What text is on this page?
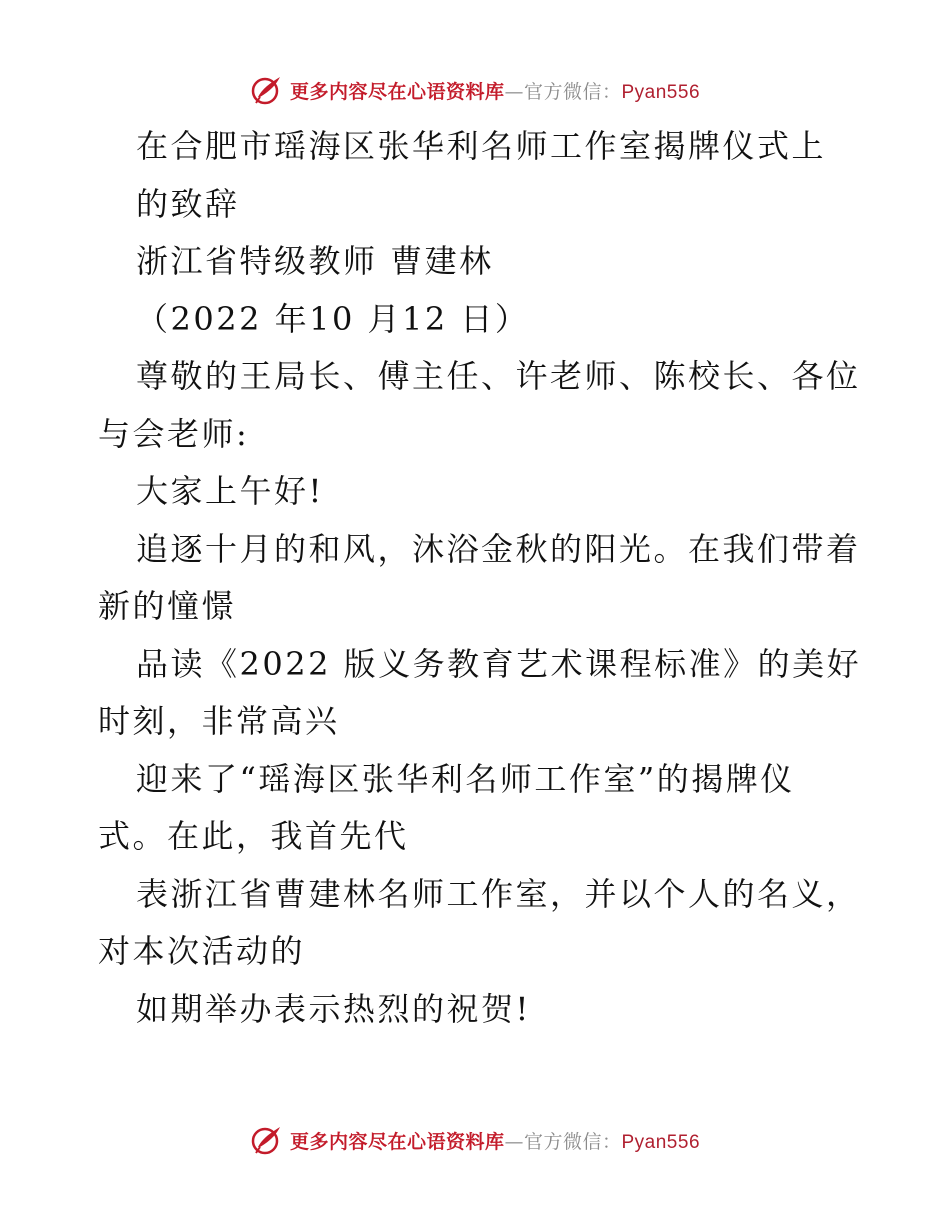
更多内容尽在心语资料库—官方微信：Pyan556
在合肥市瑶海区张华利名师工作室揭牌仪式上
的致辞
浙江省特级教师 曹建林
（2022 年10 月12 日）
尊敬的王局长、傅主任、许老师、陈校长、各位
与会老师:
大家上午好!
追逐十月的和风，沐浴金秋的阳光。在我们带着
新的憧憬
品读《2022 版义务教育艺术课程标准》的美好
时刻，非常高兴
迎来了“瑶海区张华利名师工作室”的揭牌仪
式。在此，我首先代
表浙江省曹建林名师工作室，并以个人的名义，
对本次活动的
如期举办表示热烈的祝贺!
更多内容尽在心语资料库—官方微信：Pyan556
